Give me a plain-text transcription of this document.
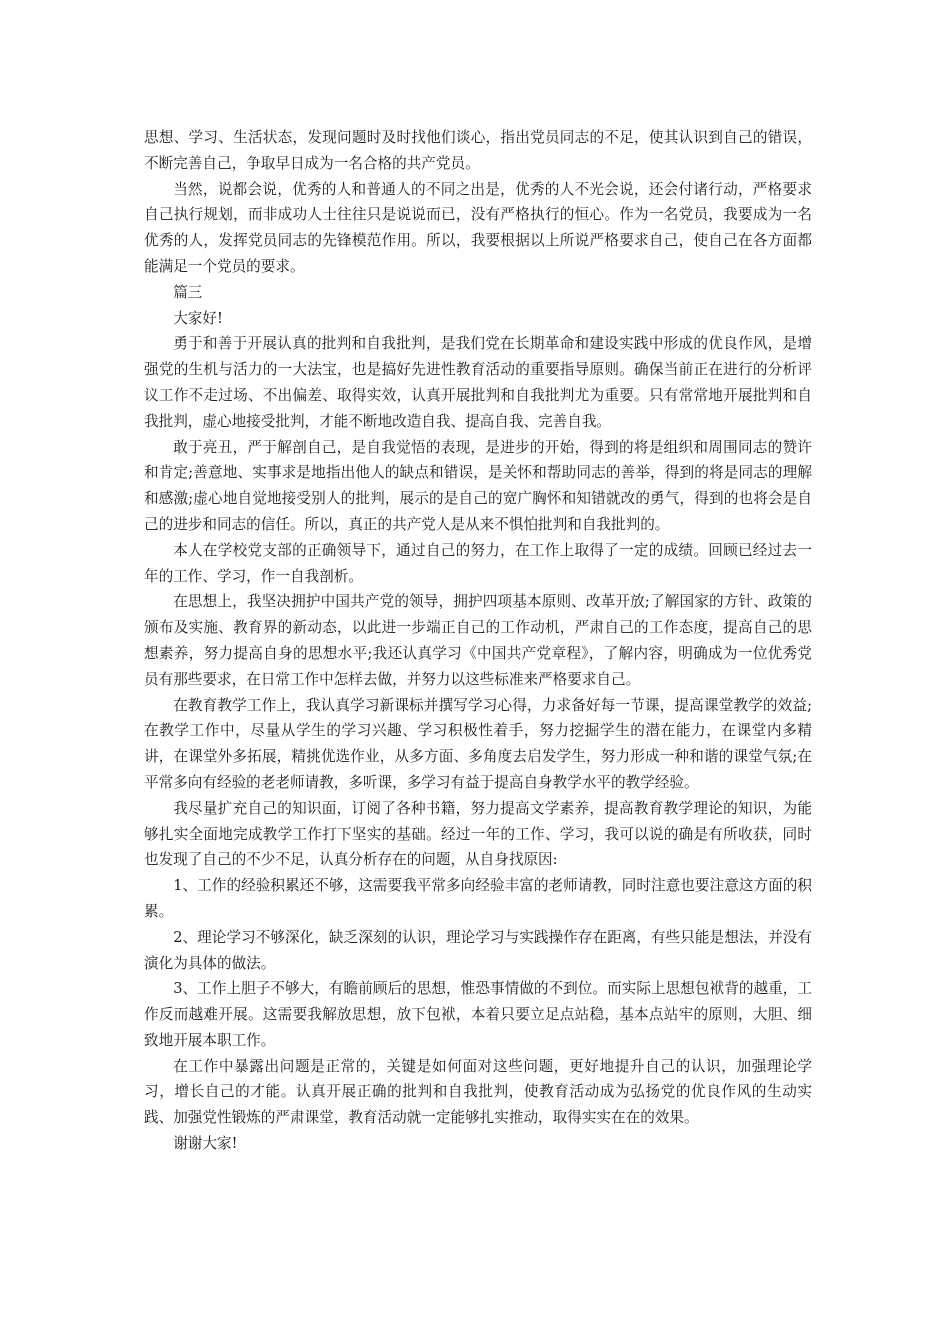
思想、学习、生活状态，发现问题时及时找他们谈心，指出党员同志的不足，使其认识到自己的错误，不断完善自己，争取早日成为一名合格的共产党员。

当然，说都会说，优秀的人和普通人的不同之出是，优秀的人不光会说，还会付诸行动，严格要求自己执行规划，而非成功人士往往只是说说而已，没有严格执行的恒心。作为一名党员，我要成为一名优秀的人，发挥党员同志的先锋模范作用。所以，我要根据以上所说严格要求自己，使自己在各方面都能满足一个党员的要求。

篇三

大家好!

勇于和善于开展认真的批判和自我批判，是我们党在长期革命和建设实践中形成的优良作风，是增强党的生机与活力的一大法宝，也是搞好先进性教育活动的重要指导原则。确保当前正在进行的分析评议工作不走过场、不出偏差、取得实效，认真开展批判和自我批判尤为重要。只有常常地开展批判和自我批判，虚心地接受批判，才能不断地改造自我、提高自我、完善自我。

敢于亮丑，严于解剖自己，是自我觉悟的表现，是进步的开始，得到的将是组织和周围同志的赞许和肯定;善意地、实事求是地指出他人的缺点和错误，是关怀和帮助同志的善举，得到的将是同志的理解和感激;虚心地自觉地接受别人的批判，展示的是自己的宽广胸怀和知错就改的勇气，得到的也将会是自己的进步和同志的信任。所以，真正的共产党人是从来不惧怕批判和自我批判的。

本人在学校党支部的正确领导下，通过自己的努力，在工作上取得了一定的成绩。回顾已经过去一年的工作、学习，作一自我剖析。

在思想上，我坚决拥护中国共产党的领导，拥护四项基本原则、改革开放;了解国家的方针、政策的颁布及实施、教育界的新动态，以此进一步端正自己的工作动机，严肃自己的工作态度，提高自己的思想素养，努力提高自身的思想水平;我还认真学习《中国共产党章程》，了解内容，明确成为一位优秀党员有那些要求，在日常工作中怎样去做，并努力以这些标准来严格要求自己。

在教育教学工作上，我认真学习新课标并撰写学习心得，力求备好每一节课，提高课堂教学的效益;在教学工作中，尽量从学生的学习兴趣、学习积极性着手，努力挖掘学生的潜在能力，在课堂内多精讲，在课堂外多拓展，精挑优选作业，从多方面、多角度去启发学生，努力形成一种和谐的课堂气氛;在平常多向有经验的老老师请教，多听课，多学习有益于提高自身教学水平的教学经验。

我尽量扩充自己的知识面，订阅了各种书籍，努力提高文学素养，提高教育教学理论的知识，为能够扎实全面地完成教学工作打下坚实的基础。经过一年的工作、学习，我可以说的确是有所收获，同时也发现了自己的不少不足，认真分析存在的问题，从自身找原因:

1、工作的经验积累还不够，这需要我平常多向经验丰富的老师请教，同时注意也要注意这方面的积累。

2、理论学习不够深化，缺乏深刻的认识，理论学习与实践操作存在距离，有些只能是想法，并没有演化为具体的做法。

3、工作上胆子不够大，有瞻前顾后的思想，惟恐事情做的不到位。而实际上思想包袱背的越重，工作反而越难开展。这需要我解放思想，放下包袱，本着只要立足点站稳，基本点站牢的原则，大胆、细致地开展本职工作。

在工作中暴露出问题是正常的，关键是如何面对这些问题，更好地提升自己的认识，加强理论学习，增长自己的才能。认真开展正确的批判和自我批判，使教育活动成为弘扬党的优良作风的生动实践、加强党性锻炼的严肃课堂，教育活动就一定能够扎实推动，取得实实在在的效果。

谢谢大家!
